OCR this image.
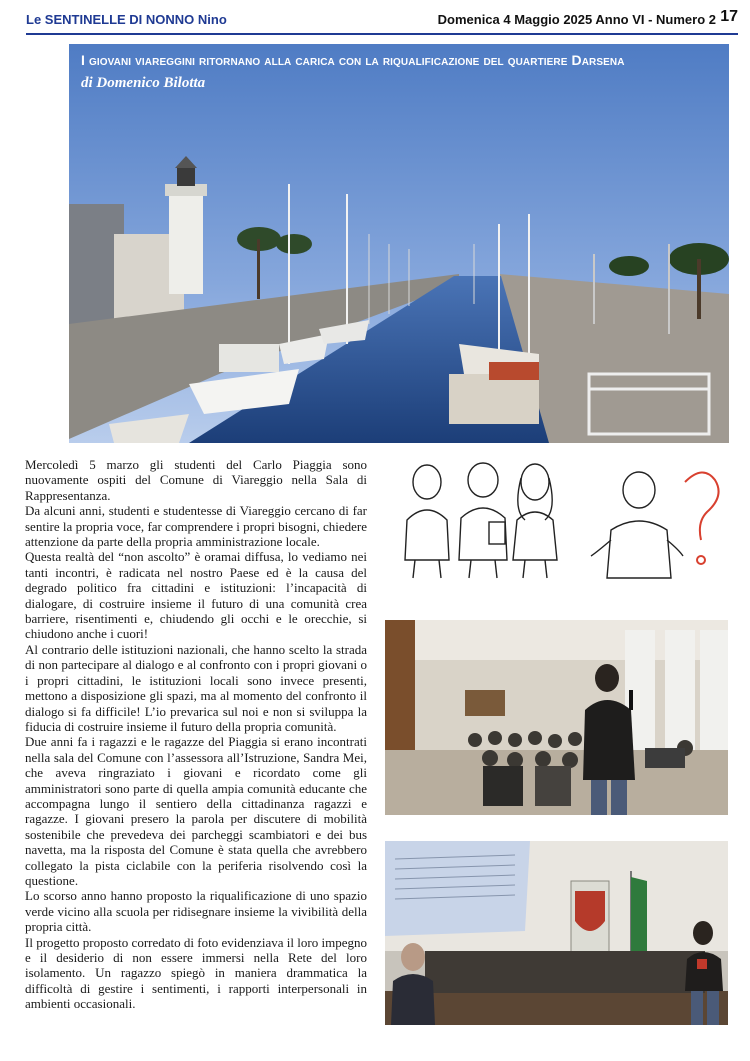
Le SENTINELLE DI NONNO Nino	Domenica 4 Maggio 2025 Anno VI - Numero 2 17
I giovani viareggini ritornano alla carica con la riqualificazione del quartiere Darsena
di Domenico Bilotta

Mercoledì 5 marzo gli studenti del Carlo Piaggia sono nuovamente ospiti del Comune di Viareggio nella Sala di Rappresentanza.

Da alcuni anni, studenti e studentesse di Viareggio cercano di far sentire la propria voce, far comprendere i propri bisogni, chiedere attenzione da parte della propria amministrazione locale.

Questa realtà del “non ascolto” è oramai diffusa, lo vediamo nei tanti incontri, è radicata nel nostro Paese ed è la causa del degrado politico fra cittadini e istituzioni: l’incapacità di dialogare, di costruire insieme il futuro di una comunità crea barriere, risentimenti e, chiudendo gli occhi e le orecchie, si chiudono anche i cuori!

Al contrario delle istituzioni nazionali, che hanno scelto la strada di non partecipare al dialogo e al confronto con i propri giovani o i propri cittadini, le istituzioni locali sono invece presenti, mettono a disposizione gli spazi, ma al momento del confronto il dialogo si fa difficile! L’io prevarica sul noi e non si sviluppa la fiducia di costruire insieme il futuro della propria comunità.

Due anni fa i ragazzi e le ragazze del Piaggia si erano incontrati nella sala del Comune con l’assessora all’Istruzione, Sandra Mei, che aveva ringraziato i giovani e ricordato come gli amministratori sono parte di quella ampia comunità educante che accompagna lungo il sentiero della cittadinanza ragazzi e ragazze. I giovani presero la parola per discutere di mobilità sostenibile che prevedeva dei parcheggi scambiatori e dei bus navetta, ma la risposta del Comune è stata quella che avrebbero collegato la pista ciclabile con la periferia risolvendo così la questione.

Lo scorso anno hanno proposto la riqualificazione di uno spazio verde vicino alla scuola per ridisegnare insieme la vivibilità della propria città.

Il progetto proposto corredato di foto evidenziava il loro impegno e il desiderio di non essere immersi nella Rete del loro isolamento. Un ragazzo spiegò in maniera drammatica la difficoltà di gestire i sentimenti, i rapporti interpersonali in ambienti occasionali.
